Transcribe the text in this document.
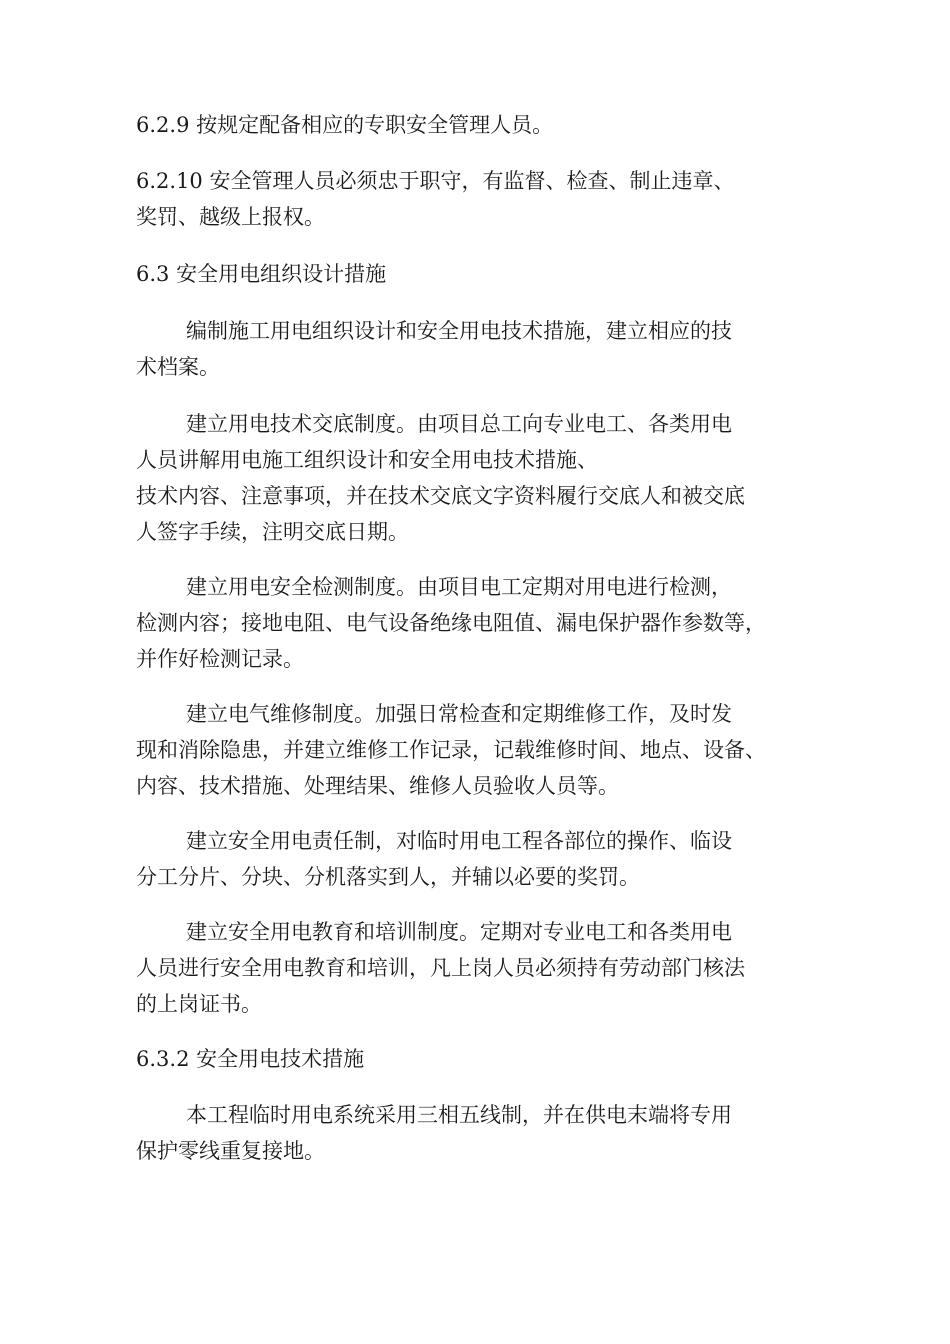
6.2.9 按规定配备相应的专职安全管理人员。
6.2.10 安全管理人员必须忠于职守，有监督、检查、制止违章、
奖罚、越级上报权。
6.3 安全用电组织设计措施
编制施工用电组织设计和安全用电技术措施，建立相应的技
术档案。
建立用电技术交底制度。由项目总工向专业电工、各类用电
人员讲解用电施工组织设计和安全用电技术措施、
技术内容、注意事项，并在技术交底文字资料履行交底人和被交底
人签字手续，注明交底日期。
建立用电安全检测制度。由项目电工定期对用电进行检测，
检测内容；接地电阻、电气设备绝缘电阻值、漏电保护器作参数等，
并作好检测记录。
建立电气维修制度。加强日常检查和定期维修工作，及时发
现和消除隐患，并建立维修工作记录，记载维修时间、地点、设备、
内容、技术措施、处理结果、维修人员验收人员等。
建立安全用电责任制，对临时用电工程各部位的操作、临设
分工分片、分块、分机落实到人，并辅以必要的奖罚。
建立安全用电教育和培训制度。定期对专业电工和各类用电
人员进行安全用电教育和培训，凡上岗人员必须持有劳动部门核法
的上岗证书。
6.3.2 安全用电技术措施
本工程临时用电系统采用三相五线制，并在供电末端将专用
保护零线重复接地。
